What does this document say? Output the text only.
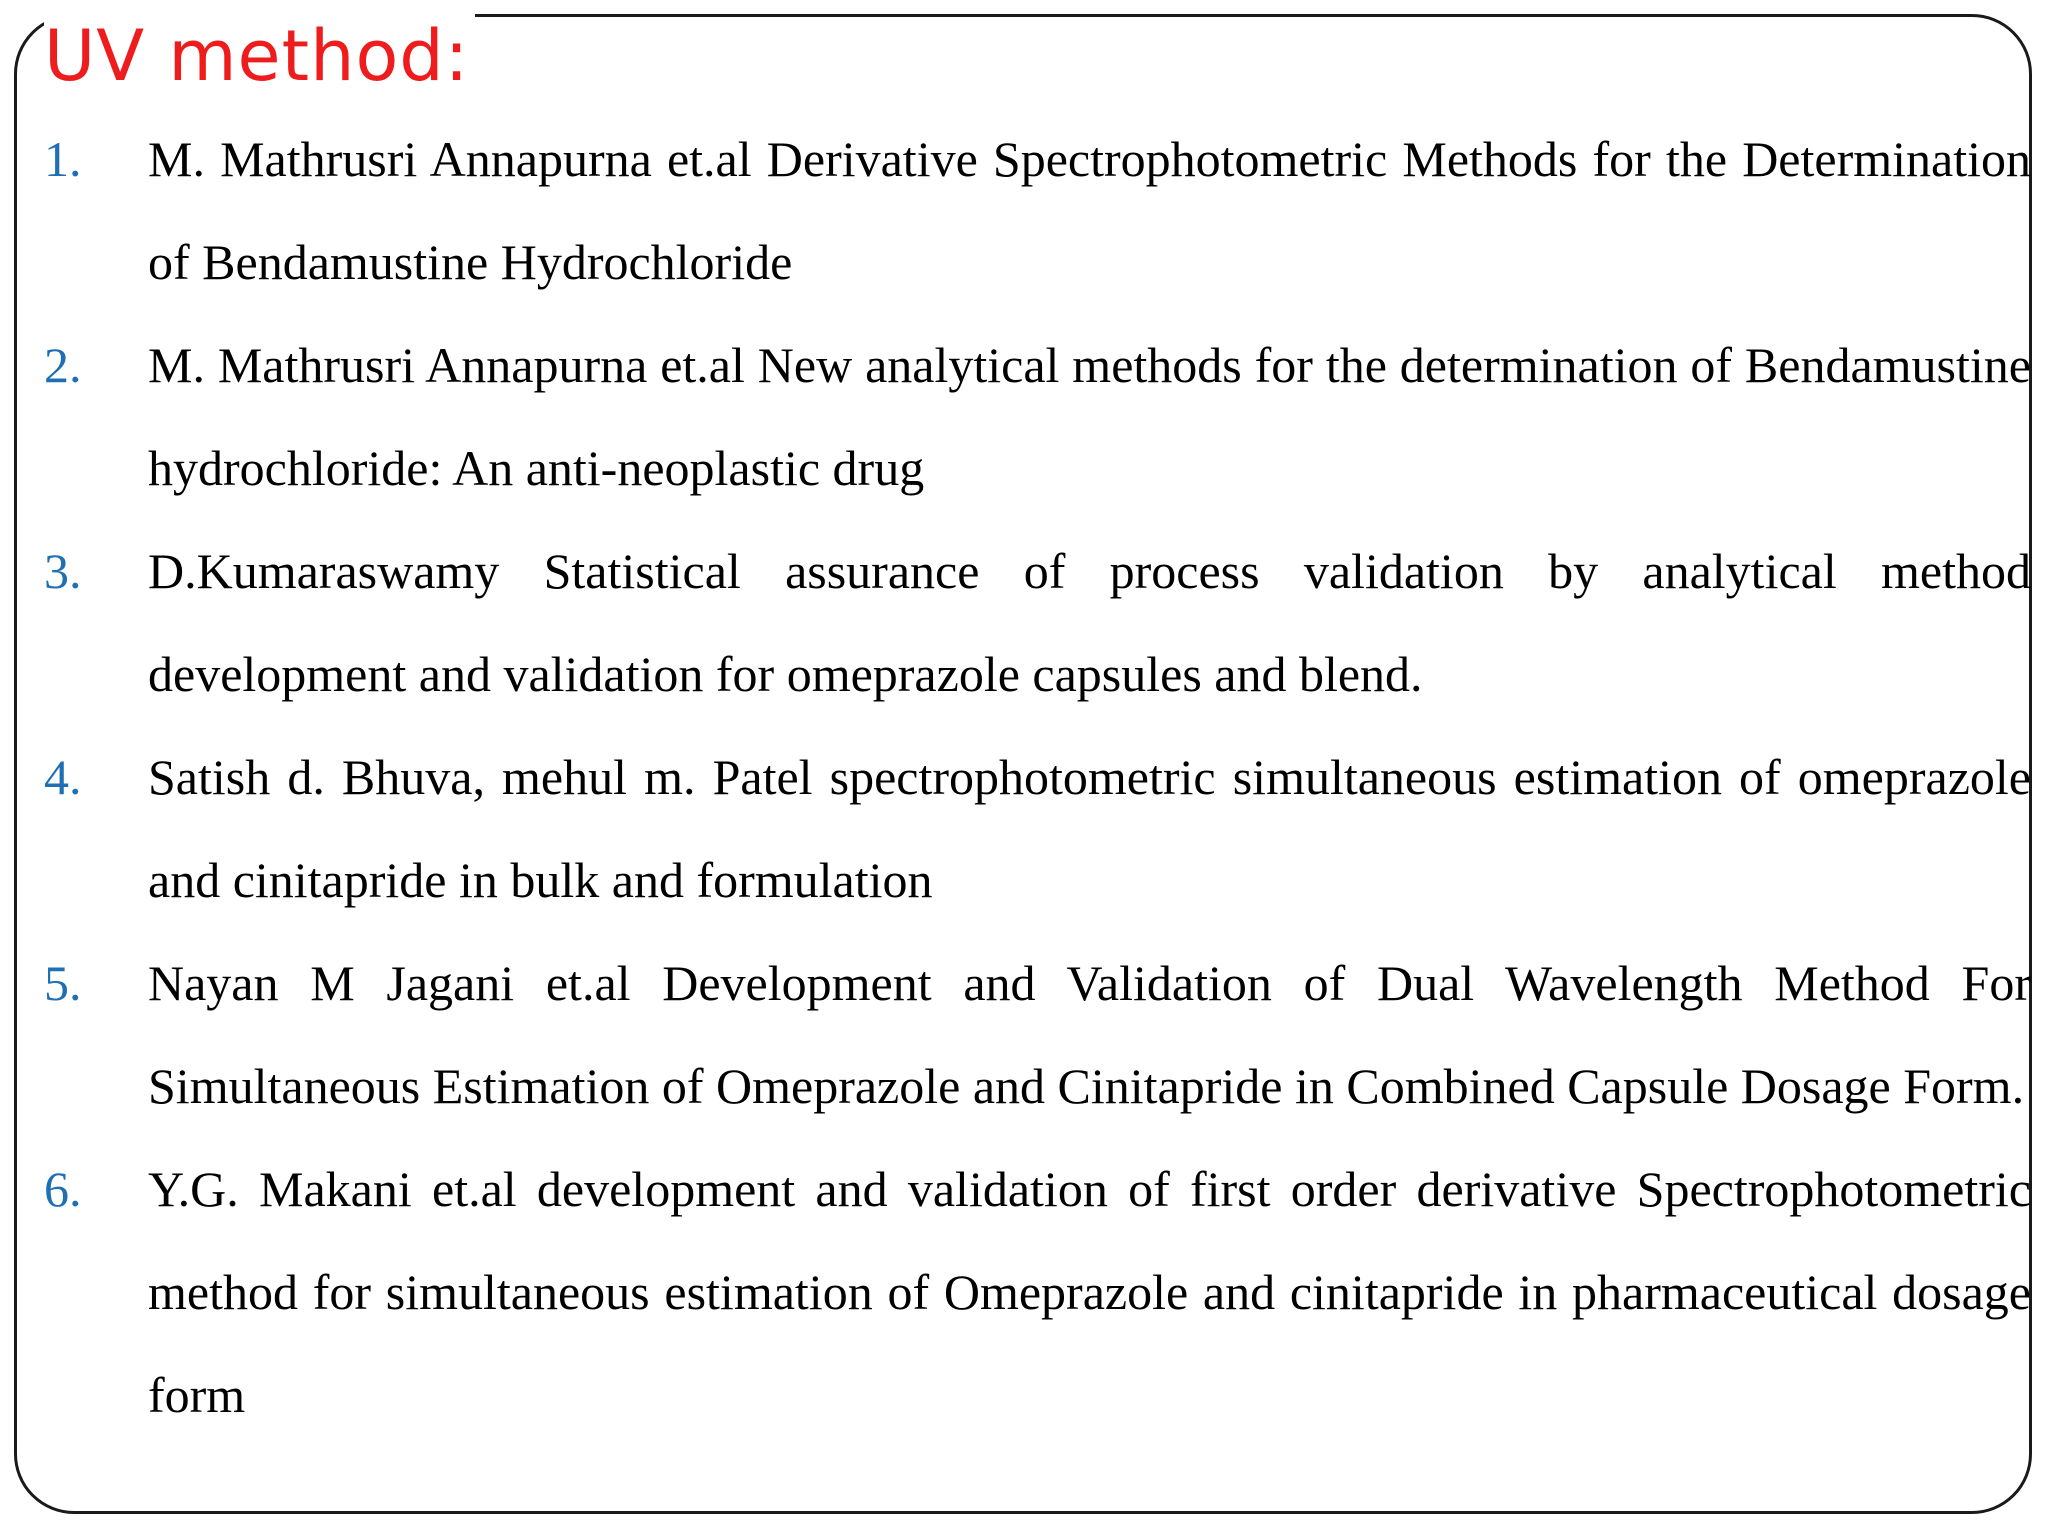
UV method:
1. M. Mathrusri Annapurna et.al Derivative Spectrophotometric Methods for the Determination of Bendamustine Hydrochloride
2. M. Mathrusri Annapurna et.al New analytical methods for the determination of Bendamustine hydrochloride: An anti-neoplastic drug
3. D.Kumaraswamy Statistical assurance of process validation by analytical method development and validation for omeprazole capsules and blend.
4. Satish d. Bhuva, mehul m. Patel spectrophotometric simultaneous estimation of omeprazole and cinitapride in bulk and formulation
5. Nayan M Jagani et.al Development and Validation of Dual Wavelength Method For Simultaneous Estimation of Omeprazole and Cinitapride in Combined Capsule Dosage Form.
6. Y.G. Makani et.al development and validation of first order derivative Spectrophotometric method for simultaneous estimation of Omeprazole and cinitapride in pharmaceutical dosage form
